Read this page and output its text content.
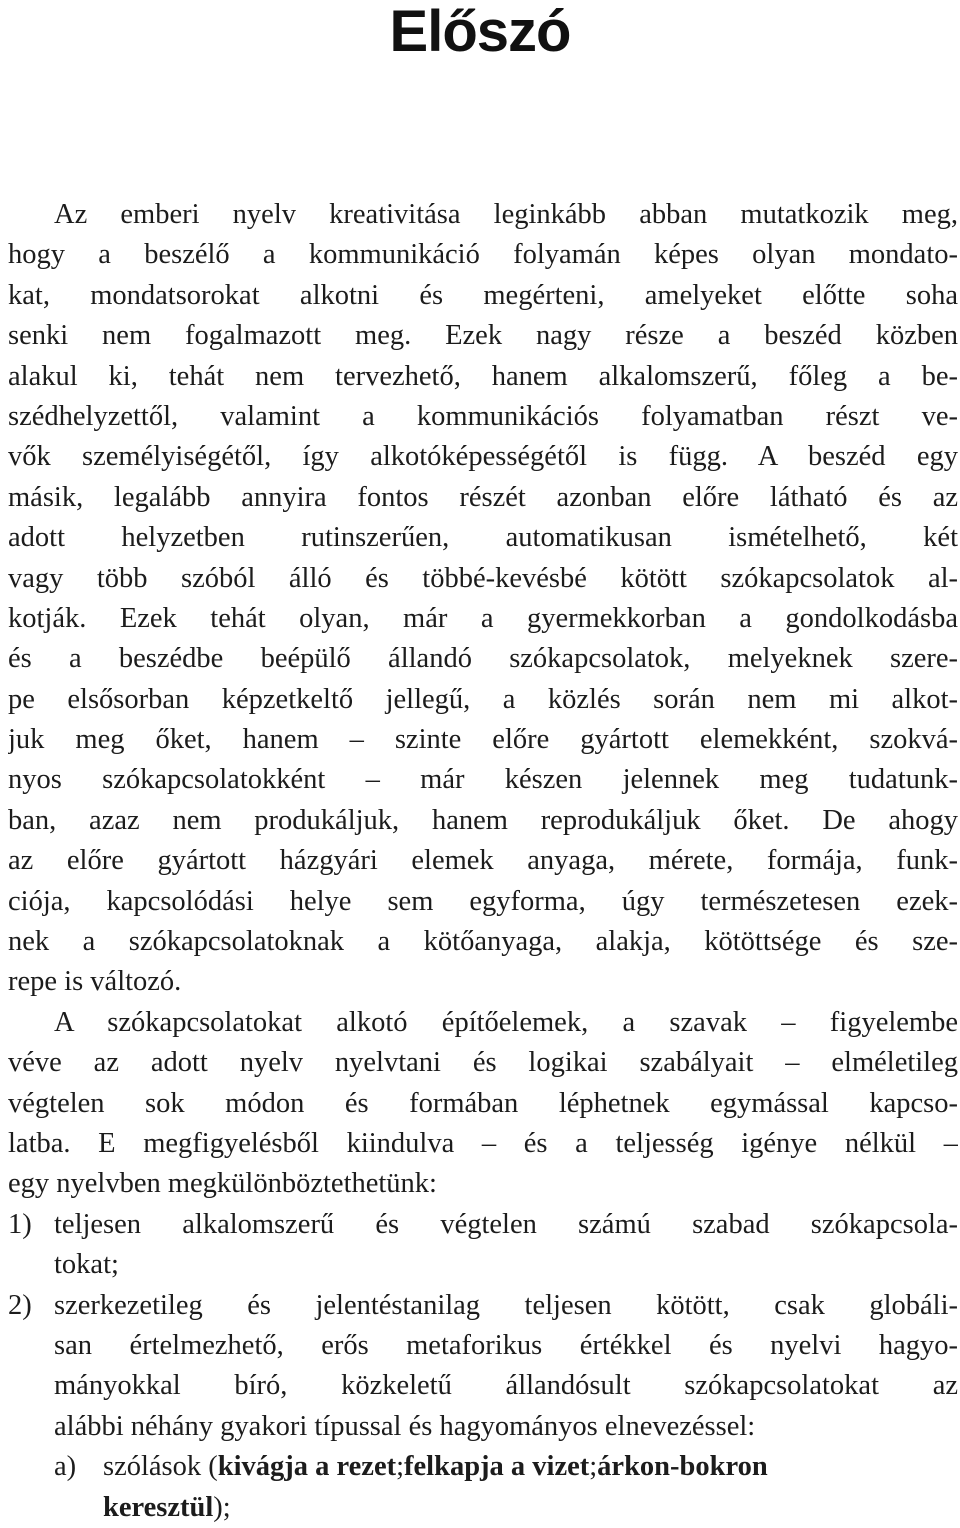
Előszó
Az emberi nyelv kreativitása leginkább abban mutatkozik meg,
hogy a beszélő a kommunikáció folyamán képes olyan mondato-
kat, mondatsorokat alkotni és megérteni, amelyeket előtte soha
senki nem fogalmazott meg. Ezek nagy része a beszéd közben
alakul ki, tehát nem tervezhető, hanem alkalomszerű, főleg a be-
szédhelyzettől, valamint a kommunikációs folyamatban részt ve-
vők személyiségétől, így alkotóképességétől is függ. A beszéd egy
másik, legalább annyira fontos részét azonban előre látható és az
adott helyzetben rutinszerűen, automatikusan ismételhető, két
vagy több szóból álló és többé-kevésbé kötött szókapcsolatok al-
kotják. Ezek tehát olyan, már a gyermekkorban a gondolkodásba
és a beszédbe beépülő állandó szókapcsolatok, melyeknek szere-
pe elsősorban képzetkeltő jellegű, a közlés során nem mi alkot-
juk meg őket, hanem – szinte előre gyártott elemekként, szokvá-
nyos szókapcsolatokként – már készen jelennek meg tudatunk-
ban, azaz nem produkáljuk, hanem reprodukáljuk őket. De ahogy
az előre gyártott házgyári elemek anyaga, mérete, formája, funk-
ciója, kapcsolódási helye sem egyforma, úgy természetesen ezek-
nek a szókapcsolatoknak a kötőanyaga, alakja, kötöttsége és sze-
repe is változó.
A szókapcsolatokat alkotó építőelemek, a szavak – figyelembe
véve az adott nyelv nyelvtani és logikai szabályait – elméletileg
végtelen sok módon és formában léphetnek egymással kapcso-
latba. E megfigyelésből kiindulva – és a teljesség igénye nélkül –
egy nyelvben megkülönböztethetünk:
1) teljesen alkalomszerű és végtelen számú szabad szókapcsola-
tokat;
2) szerkezetileg és jelentéstanilag teljesen kötött, csak globáli-
san értelmezhető, erős metaforikus értékkel és nyelvi hagyo-
mányokkal bíró, közkeletű állandósult szókapcsolatokat az
alábbi néhány gyakori típussal és hagyományos elnevezéssel:
a) szólások (kivágja a rezet;felkapja a vizet;árkon-bokron
keresztül);
